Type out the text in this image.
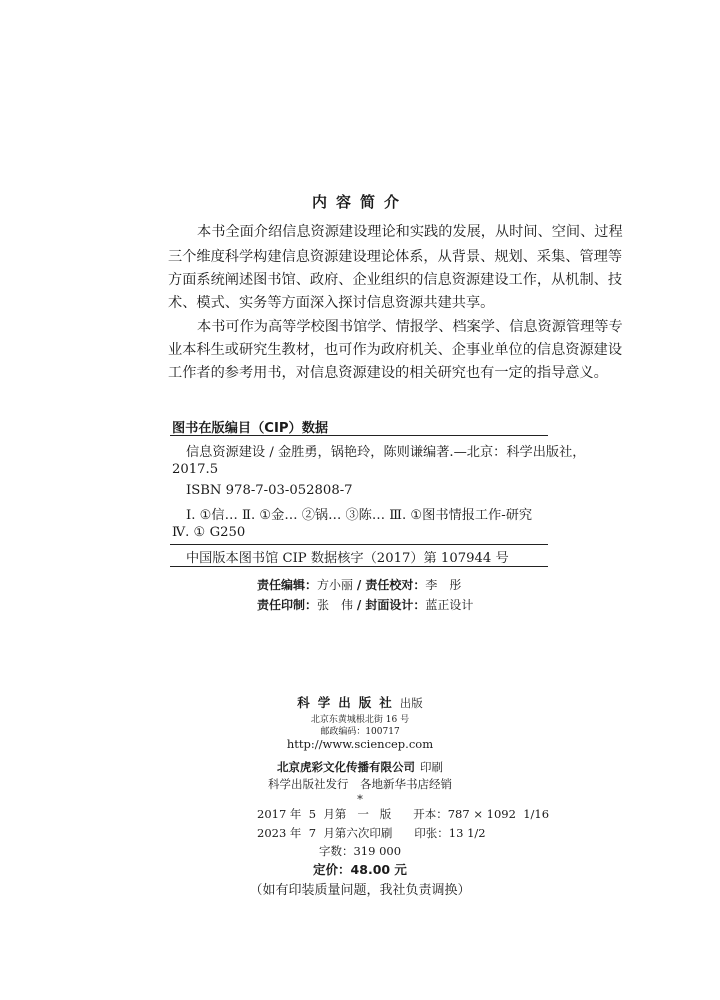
内容简介
本书全面介绍信息资源建设理论和实践的发展，从时间、空间、过程
三个维度科学构建信息资源建设理论体系，从背景、规划、采集、管理等
方面系统阐述图书馆、政府、企业组织的信息资源建设工作，从机制、技
术、模式、实务等方面深入探讨信息资源共建共享。
本书可作为高等学校图书馆学、情报学、档案学、信息资源管理等专
业本科生或研究生教材，也可作为政府机关、企事业单位的信息资源建设
工作者的参考用书，对信息资源建设的相关研究也有一定的指导意义。
图书在版编目（CIP）数据
信息资源建设 / 金胜勇，锅艳玲，陈则谦编著.—北京：科学出版社，
2017.5
ISBN 978-7-03-052808-7
Ⅰ. ①信… Ⅱ. ①金… ②锅… ③陈… Ⅲ. ①图书情报工作-研究
Ⅳ. ① G250
中国版本图书馆 CIP 数据核字（2017）第 107944 号
责任编辑：方小丽 / 责任校对：李　彤
责任印制：张　伟 / 封面设计：蓝正设计
科学出版社出版
北京东黄城根北街 16 号
邮政编码：100717
http://www.sciencep.com
北京虎彩文化传播有限公司 印刷
科学出版社发行　各地新华书店经销
*
2017 年  5  月第   一   版      开本：787 × 1092  1/16
2023 年  7  月第六次印刷      印张：13 1/2
字数：319 000
定价：48.00 元
（如有印装质量问题，我社负责调换）
